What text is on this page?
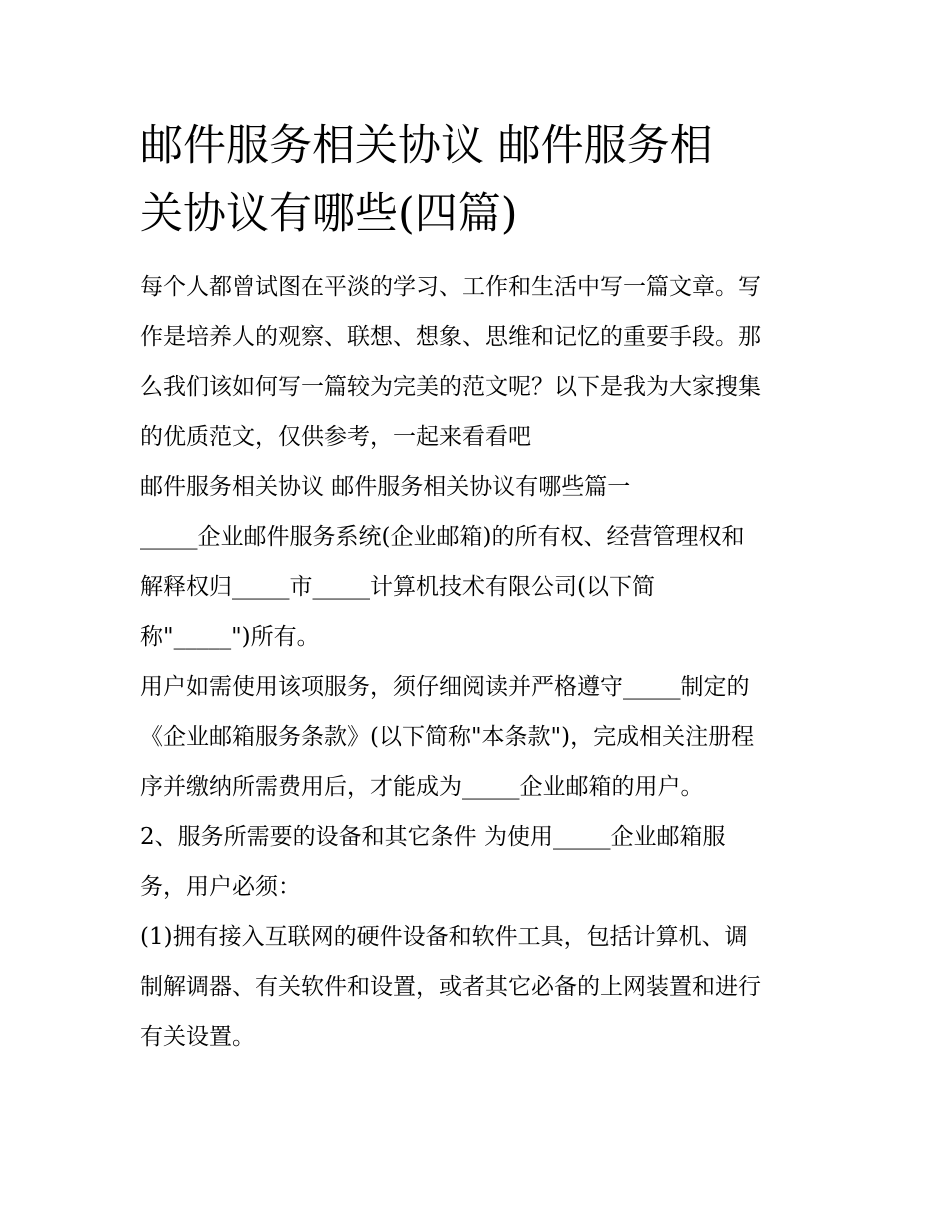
邮件服务相关协议 邮件服务相
关协议有哪些(四篇)

每个人都曾试图在平淡的学习、工作和生活中写一篇文章。写
作是培养人的观察、联想、想象、思维和记忆的重要手段。那
么我们该如何写一篇较为完美的范文呢？以下是我为大家搜集
的优质范文，仅供参考，一起来看看吧

邮件服务相关协议 邮件服务相关协议有哪些篇一

_____企业邮件服务系统(企业邮箱)的所有权、经营管理权和
解释权归_____市_____计算机技术有限公司(以下简
称"_____")所有。

用户如需使用该项服务，须仔细阅读并严格遵守_____制定的
《企业邮箱服务条款》(以下简称"本条款")，完成相关注册程
序并缴纳所需费用后，才能成为_____企业邮箱的用户。

2、服务所需要的设备和其它条件 为使用_____企业邮箱服
务，用户必须：

(1)拥有接入互联网的硬件设备和软件工具，包括计算机、调
制解调器、有关软件和设置，或者其它必备的上网装置和进行
有关设置。
